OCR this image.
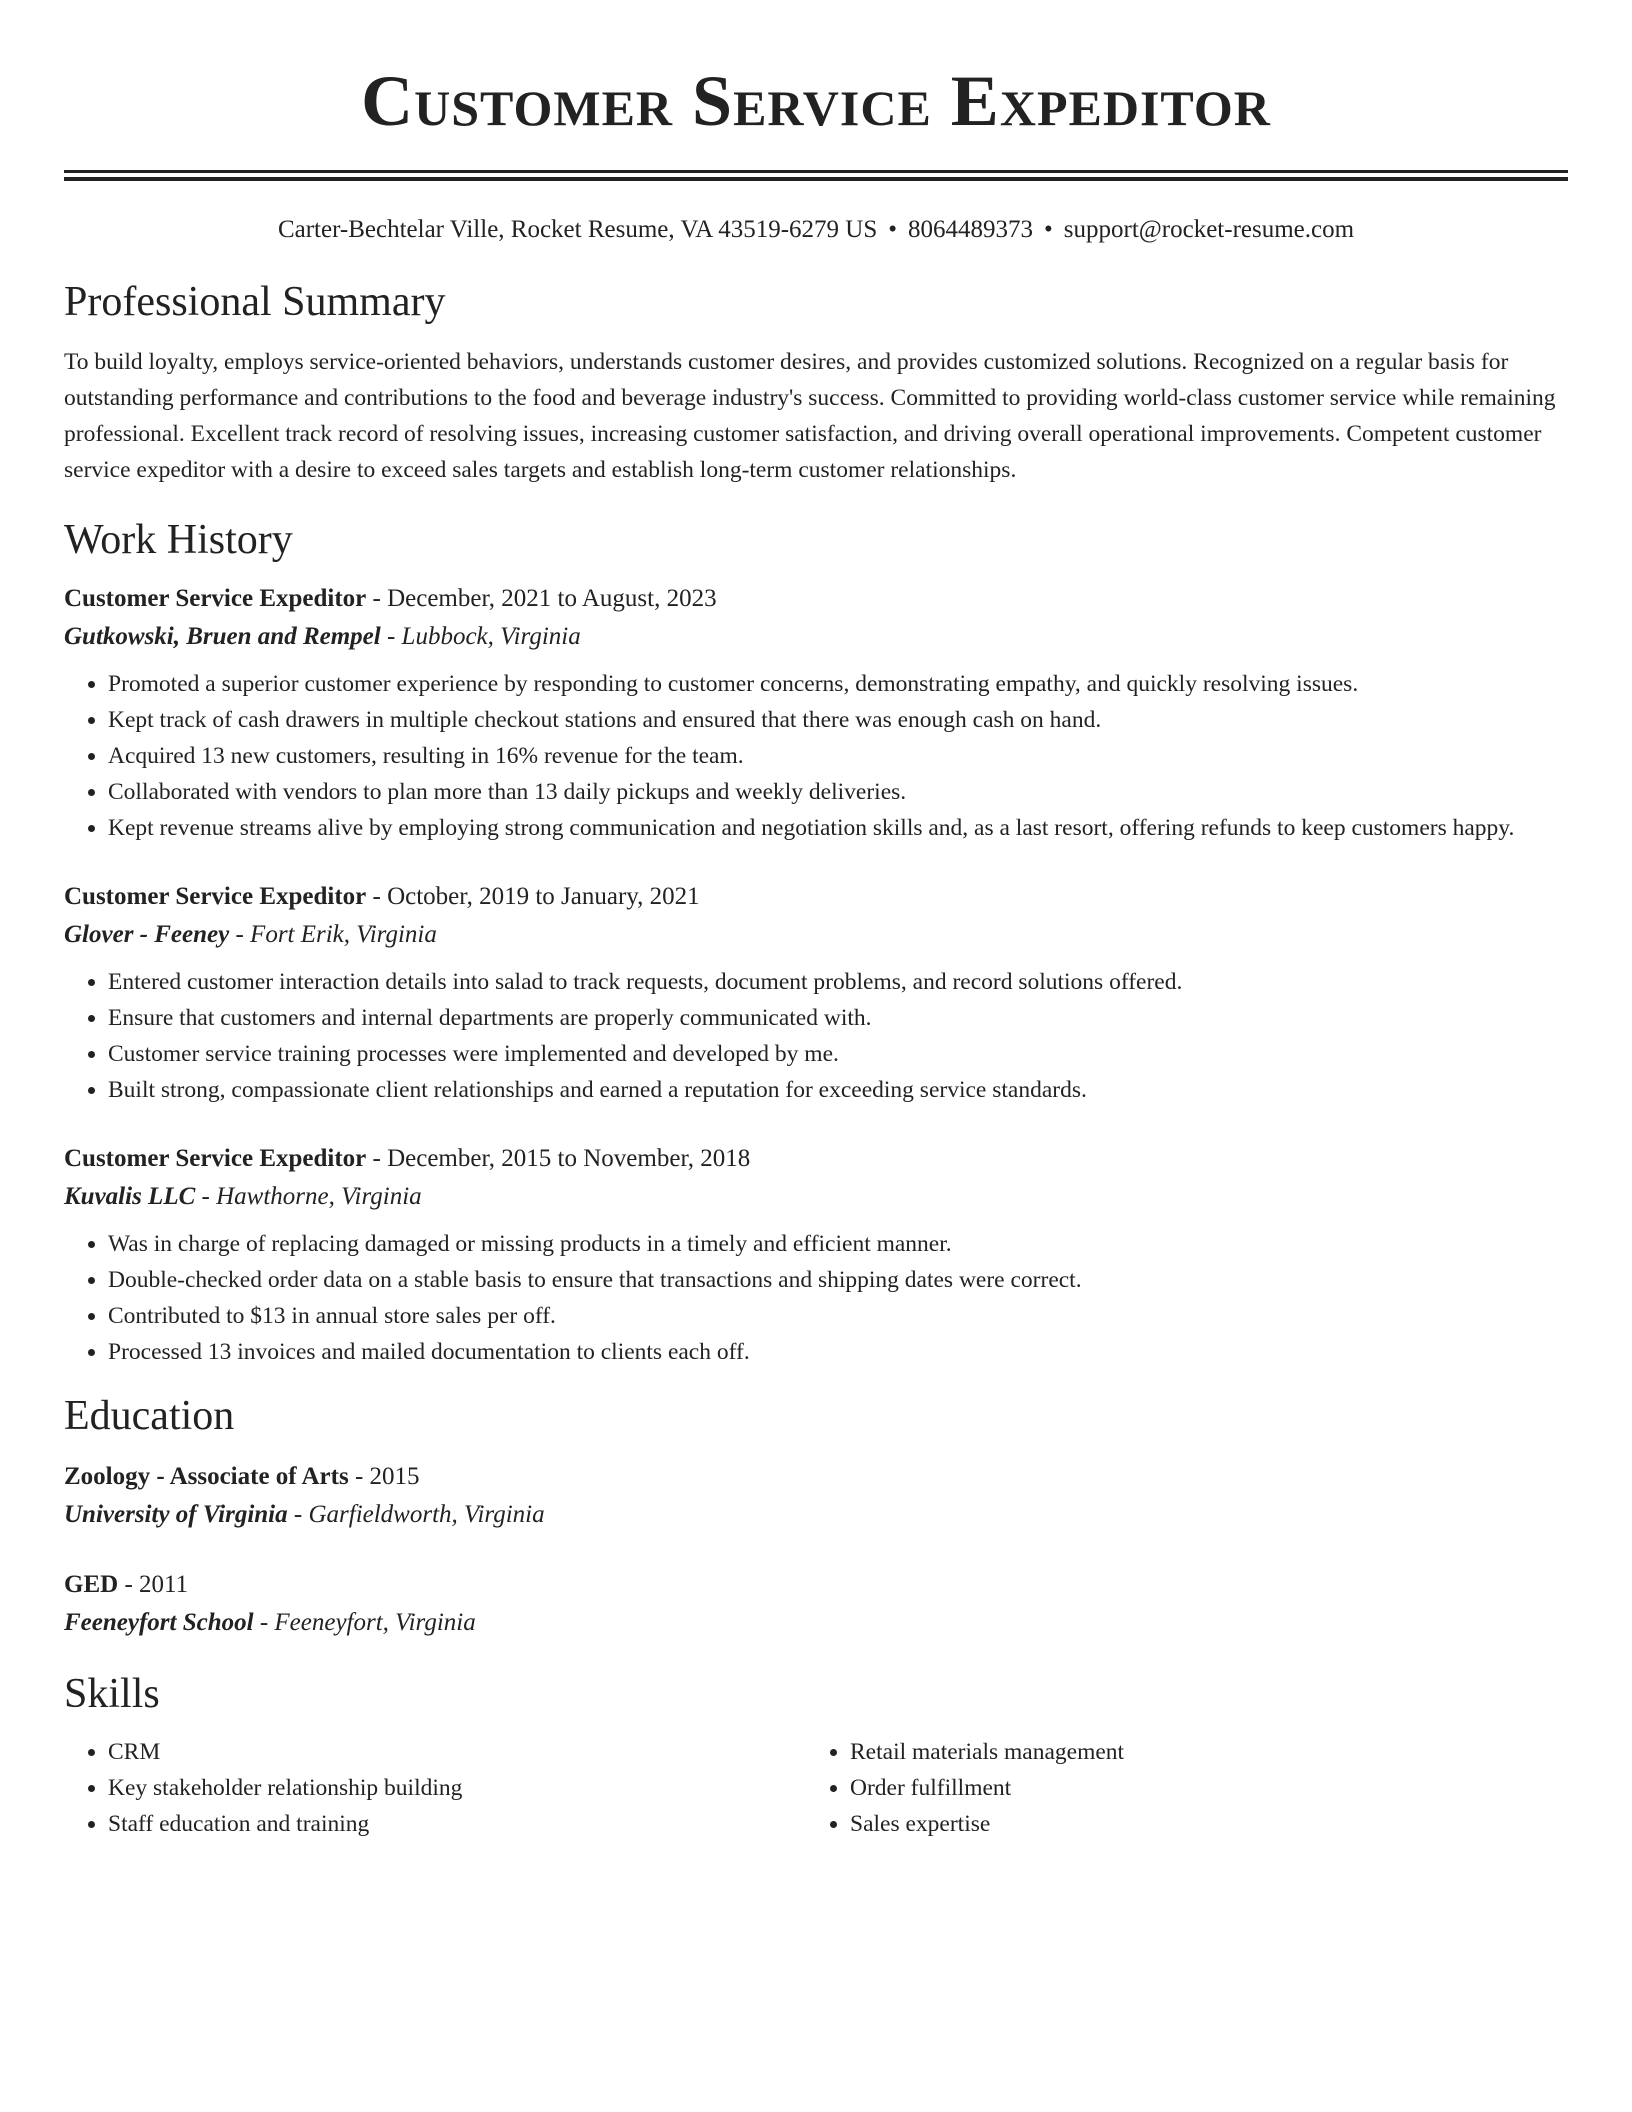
Customer Service Expeditor
Carter-Bechtelar Ville, Rocket Resume, VA 43519-6279 US • 8064489373 • support@rocket-resume.com
Professional Summary
To build loyalty, employs service-oriented behaviors, understands customer desires, and provides customized solutions. Recognized on a regular basis for outstanding performance and contributions to the food and beverage industry's success. Committed to providing world-class customer service while remaining professional. Excellent track record of resolving issues, increasing customer satisfaction, and driving overall operational improvements. Competent customer service expeditor with a desire to exceed sales targets and establish long-term customer relationships.
Work History
Customer Service Expeditor - December, 2021 to August, 2023
Gutkowski, Bruen and Rempel - Lubbock, Virginia
• Promoted a superior customer experience by responding to customer concerns, demonstrating empathy, and quickly resolving issues.
• Kept track of cash drawers in multiple checkout stations and ensured that there was enough cash on hand.
• Acquired 13 new customers, resulting in 16% revenue for the team.
• Collaborated with vendors to plan more than 13 daily pickups and weekly deliveries.
• Kept revenue streams alive by employing strong communication and negotiation skills and, as a last resort, offering refunds to keep customers happy.
Customer Service Expeditor - October, 2019 to January, 2021
Glover - Feeney - Fort Erik, Virginia
• Entered customer interaction details into salad to track requests, document problems, and record solutions offered.
• Ensure that customers and internal departments are properly communicated with.
• Customer service training processes were implemented and developed by me.
• Built strong, compassionate client relationships and earned a reputation for exceeding service standards.
Customer Service Expeditor - December, 2015 to November, 2018
Kuvalis LLC - Hawthorne, Virginia
• Was in charge of replacing damaged or missing products in a timely and efficient manner.
• Double-checked order data on a stable basis to ensure that transactions and shipping dates were correct.
• Contributed to $13 in annual store sales per off.
• Processed 13 invoices and mailed documentation to clients each off.
Education
Zoology - Associate of Arts - 2015
University of Virginia - Garfieldworth, Virginia
GED - 2011
Feeneyfort School - Feeneyfort, Virginia
Skills
• CRM
• Key stakeholder relationship building
• Staff education and training
• Retail materials management
• Order fulfillment
• Sales expertise
